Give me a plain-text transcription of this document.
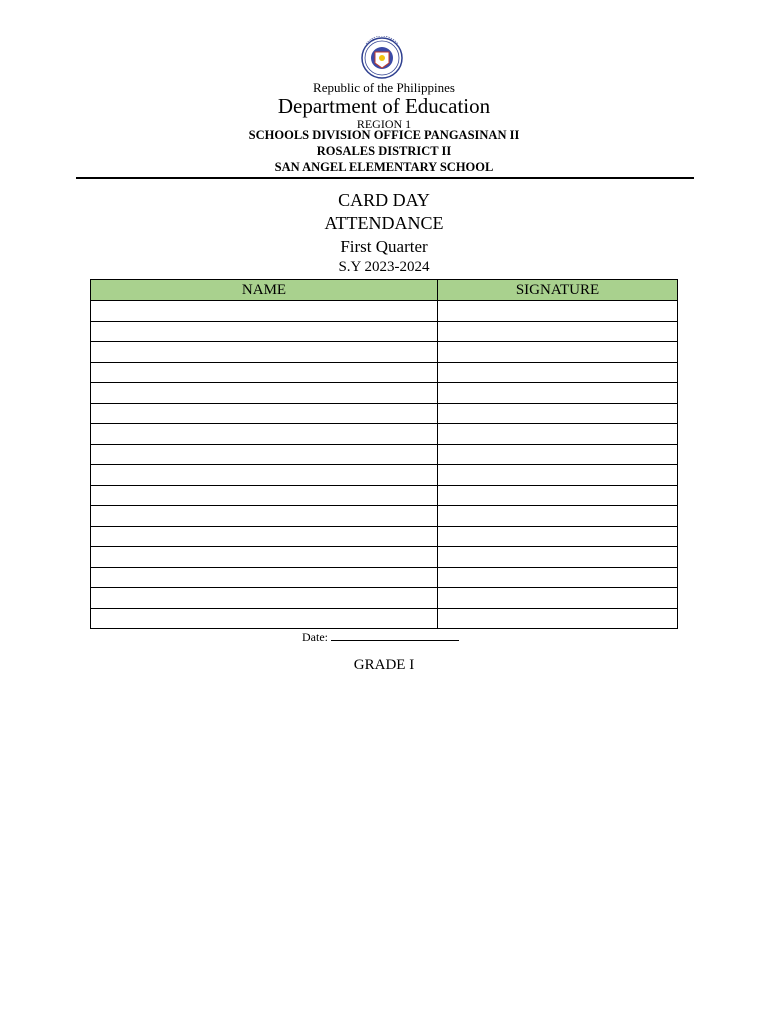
Republic of the Philippines
Department of Education
REGION 1
SCHOOLS DIVISION OFFICE PANGASINAN II
ROSALES DISTRICT II
SAN ANGEL ELEMENTARY SCHOOL
CARD DAY
ATTENDANCE
First Quarter
S.Y 2023-2024
NAME	SIGNATURE

Date:
GRADE I
